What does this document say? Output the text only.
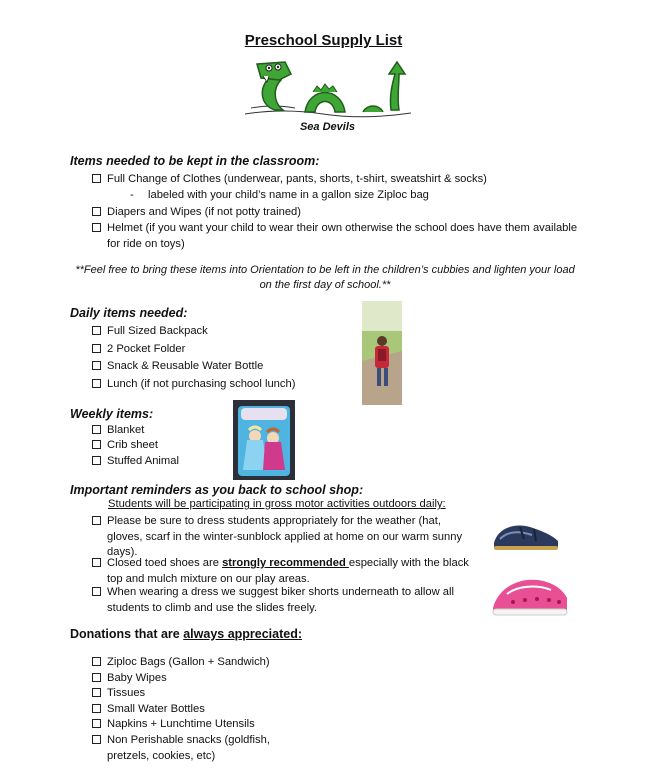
Preschool Supply List
Sea Devils
Items needed to be kept in the classroom:
Full Change of Clothes (underwear, pants, shorts, t-shirt, sweatshirt & socks)
- labeled with your child’s name in a gallon size Ziploc bag
Diapers and Wipes (if not potty trained)
Helmet (if you want your child to wear their own otherwise the school does have them available for ride on toys)
**Feel free to bring these items into Orientation to be left in the children’s cubbies and lighten your load on the first day of school.**
Daily items needed:
Full Sized Backpack
2 Pocket Folder
Snack & Reusable Water Bottle
Lunch (if not purchasing school lunch)
Weekly items:
Blanket
Crib sheet
Stuffed Animal
Important reminders as you back to school shop:
Students will be participating in gross motor activities outdoors daily:
Please be sure to dress students appropriately for the weather (hat, gloves, scarf in the winter-sunblock applied at home on our warm sunny days).
Closed toed shoes are strongly recommended especially with the black top and mulch mixture on our play areas.
When wearing a dress we suggest biker shorts underneath to allow all students to climb and use the slides freely.
Donations that are always appreciated:
Ziploc Bags (Gallon + Sandwich)
Baby Wipes
Tissues
Small Water Bottles
Napkins + Lunchtime Utensils
Non Perishable snacks (goldfish, pretzels, cookies, etc)
